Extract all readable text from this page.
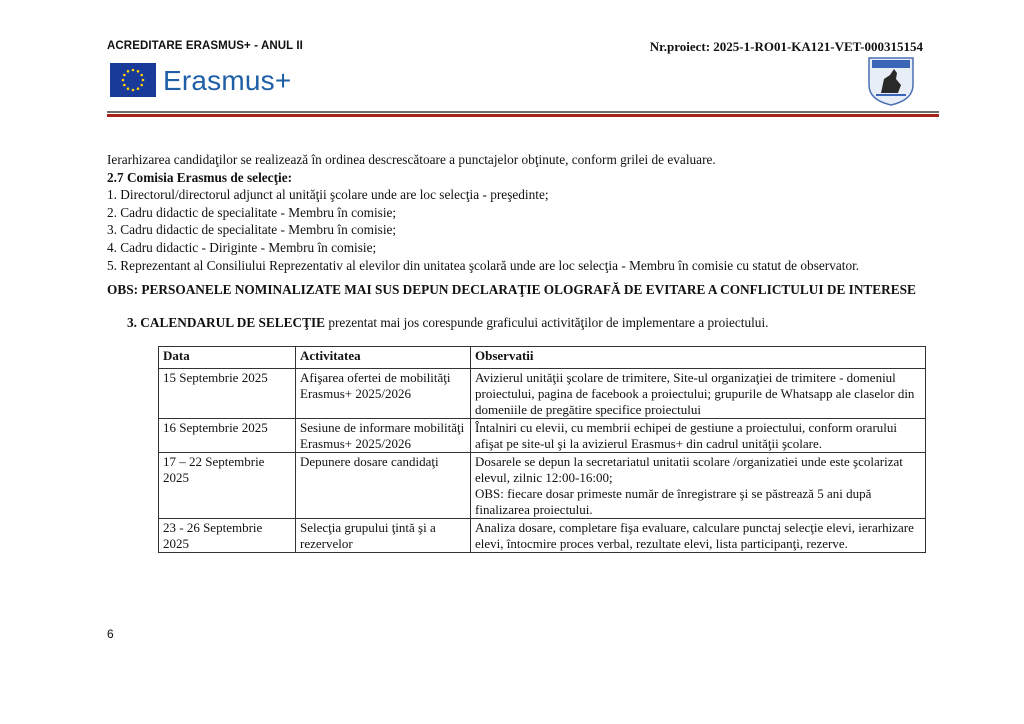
ACREDITARE ERASMUS+ - ANUL II	Nr.proiect: 2025-1-RO01-KA121-VET-000315154
Erasmus+

Ierarhizarea candidaţilor se realizează în ordinea descrescătoare a punctajelor obţinute, conform grilei de evaluare.

2.7 Comisia Erasmus de selecţie:

1. Directorul/directorul adjunct al unităţii şcolare unde are loc selecţia - preşedinte;

2. Cadru didactic de specialitate - Membru în comisie;

3. Cadru didactic de specialitate - Membru în comisie;

4. Cadru didactic - Diriginte - Membru în comisie;

5. Reprezentant al Consiliului Reprezentativ al elevilor din unitatea şcolară unde are loc selecţia - Membru în comisie cu statut de observator.

OBS: PERSOANELE NOMINALIZATE MAI SUS DEPUN DECLARAŢIE OLOGRAFĂ DE EVITARE A CONFLICTULUI DE INTERESE
3. CALENDARUL DE SELECŢIE prezentat mai jos corespunde graficului activităţilor de implementare a proiectului.
Data	Activitatea	Observatii
15 Septembrie 2025	Afişarea ofertei de mobilităţi Erasmus+ 2025/2026	Avizierul unităţii şcolare de trimitere, Site-ul organizaţiei de trimitere - domeniul proiectului, pagina de facebook a proiectului; grupurile de Whatsapp ale claselor din domeniile de pregătire specifice proiectului
16 Septembrie 2025	Sesiune de informare mobilităţi Erasmus+ 2025/2026	Întalniri cu elevii, cu membrii echipei de gestiune a proiectului, conform orarului afişat pe site-ul şi la avizierul Erasmus+ din cadrul unităţii şcolare.
17 – 22 Septembrie 2025	Depunere dosare candidaţi	Dosarele se depun la secretariatul unitatii scolare /organizatiei unde este şcolarizat elevul, zilnic 12:00-16:00;
OBS: fiecare dosar primeste număr de înregistrare şi se păstrează 5 ani după finalizarea proiectului.

23 - 26 Septembrie 2025	Selecţia grupului ţintă şi a rezervelor	Analiza dosare, completare fişa evaluare, calculare punctaj selecţie elevi, ierarhizare elevi, întocmire proces verbal, rezultate elevi, lista participanţi, rezerve.
6
